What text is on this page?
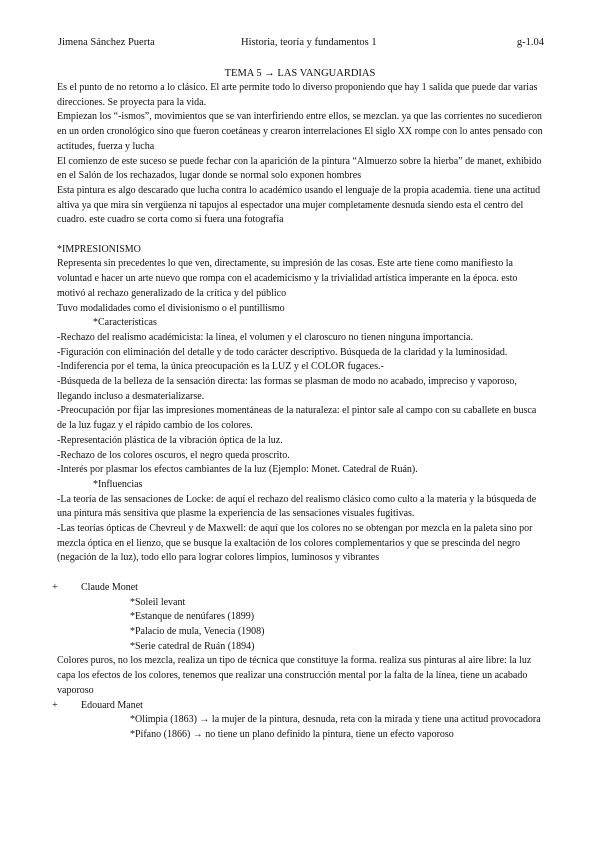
Jimena Sánchez Puerta	Historia, teoría y fundamentos 1	g-1.04
TEMA 5 → LAS VANGUARDIAS

Es el punto de no retorno a lo clásico. El arte permite todo lo diverso proponiendo que hay 1 salida que puede dar varias direcciones. Se proyecta para la vida.

Empiezan los “-ismos”, movimientos que se van interfiriendo entre ellos, se mezclan. ya que las corrientes no sucedieron en un orden cronológico sino que fueron coetáneas y crearon interrelaciones El siglo XX rompe con lo antes pensado con actitudes, fuerza y lucha

El comienzo de este suceso se puede fechar con la aparición de la pintura “Almuerzo sobre la hierba” de manet, exhibido en el Salón de los rechazados, lugar donde se normal solo exponen hombres

Esta pintura es algo descarado que lucha contra lo académico usando el lenguaje de la propia academia. tiene una actitud altiva ya que mira sin vergüenza ni tapujos al espectador una mujer completamente desnuda siendo esta el centro del cuadro. este cuadro se corta como si fuera una fotografía

*IMPRESIONISMO

Representa sin precedentes lo que ven, directamente, su impresión de las cosas. Este arte tiene como manifiesto la voluntad e hacer un arte nuevo que rompa con el academicismo y la trivialidad artística imperante en la época. esto motivó al rechazo generalizado de la crítica y del público

Tuvo modalidades como el divisionismo o el puntillismo

*Características

-Rechazo del realismo académicista: la línea, el volumen y el claroscuro no tienen ninguna importancia.

-Figuración con eliminación del detalle y de todo carácter descriptivo. Búsqueda de la claridad y la luminosidad.

-Indiferencia por el tema, la única preocupación es la LUZ y el COLOR fugaces.-

-Búsqueda de la belleza de la sensación directa: las formas se plasman de modo no acabado, impreciso y vaporoso, llegando incluso a desmaterializarse.

-Preocupación por fijar las impresiones momentáneas de la naturaleza: el pintor sale al campo con su caballete en busca de la luz fugaz y el rápido cambio de los colores.

-Representación plástica de la vibración óptica de la luz.

-Rechazo de los colores oscuros, el negro queda proscrito.

-Interés por plasmar los efectos cambiantes de la luz (Ejemplo: Monet. Catedral de Ruán).

*Influencias

-La teoría de las sensaciones de Locke: de aquí el rechazo del realismo clásico como culto a la materia y la búsqueda de una pintura más sensitiva que plasme la experiencia de las sensaciones visuales fugitivas.

-Las teorías ópticas de Chevreul y de Maxwell: de aquí que los colores no se obtengan por mezcla en la paleta sino por mezcla óptica en el lienzo, que se busque la exaltación de los colores complementarios y que se prescinda del negro (negación de la luz), todo ello para lograr colores limpios, luminosos y vibrantes

+	Claude Monet

*Soleil levant

*Estanque de nenúfares (1899)

*Palacio de mula, Venecia (1908)

*Serie catedral de Ruán (1894)

Colores puros, no los mezcla, realiza un tipo de técnica que constituye la forma. realiza sus pinturas al aire libre: la luz capa los efectos de los colores, tenemos que realizar una construcción mental por la falta de la línea, tiene un acabado vaporoso

+	Edouard Manet

*Olimpia (1863) → la mujer de la pintura, desnuda, reta con la mirada y tiene una actitud provocadora

*Pífano (1866) → no tiene un plano definido la pintura, tiene un efecto vaporoso
